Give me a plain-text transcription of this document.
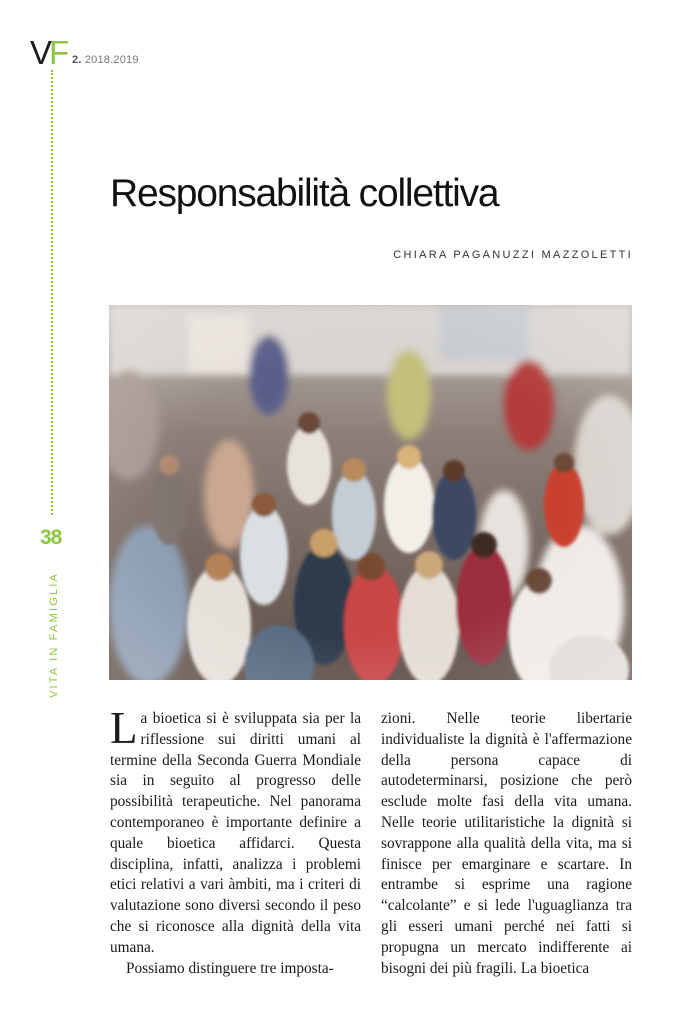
VF 2. 2018.2019
38
VITA IN FAMIGLIA
Responsabilità collettiva
CHIARA PAGANUZZI MAZZOLETTI

La bioetica si è sviluppata sia per la riflessione sui diritti umani al termine della Seconda Guerra Mondiale sia in seguito al progresso delle possibilità terapeutiche. Nel panorama contemporaneo è importante definire a quale bioetica affidarci. Questa disciplina, infatti, analizza i problemi etici relativi a vari àmbiti, ma i criteri di valutazione sono diversi secondo il peso che si riconosce alla dignità della vita umana.

Possiamo distinguere tre imposta-

zioni. Nelle teorie libertarie individualiste la dignità è l'affermazione della persona capace di autodeterminarsi, posizione che però esclude molte fasi della vita umana. Nelle teorie utilitaristiche la dignità si sovrappone alla qualità della vita, ma si finisce per emarginare e scartare. In entrambe si esprime una ragione “calcolante” e si lede l'uguaglianza tra gli esseri umani perché nei fatti si propugna un mercato indifferente ai bisogni dei più fragili. La bioetica
